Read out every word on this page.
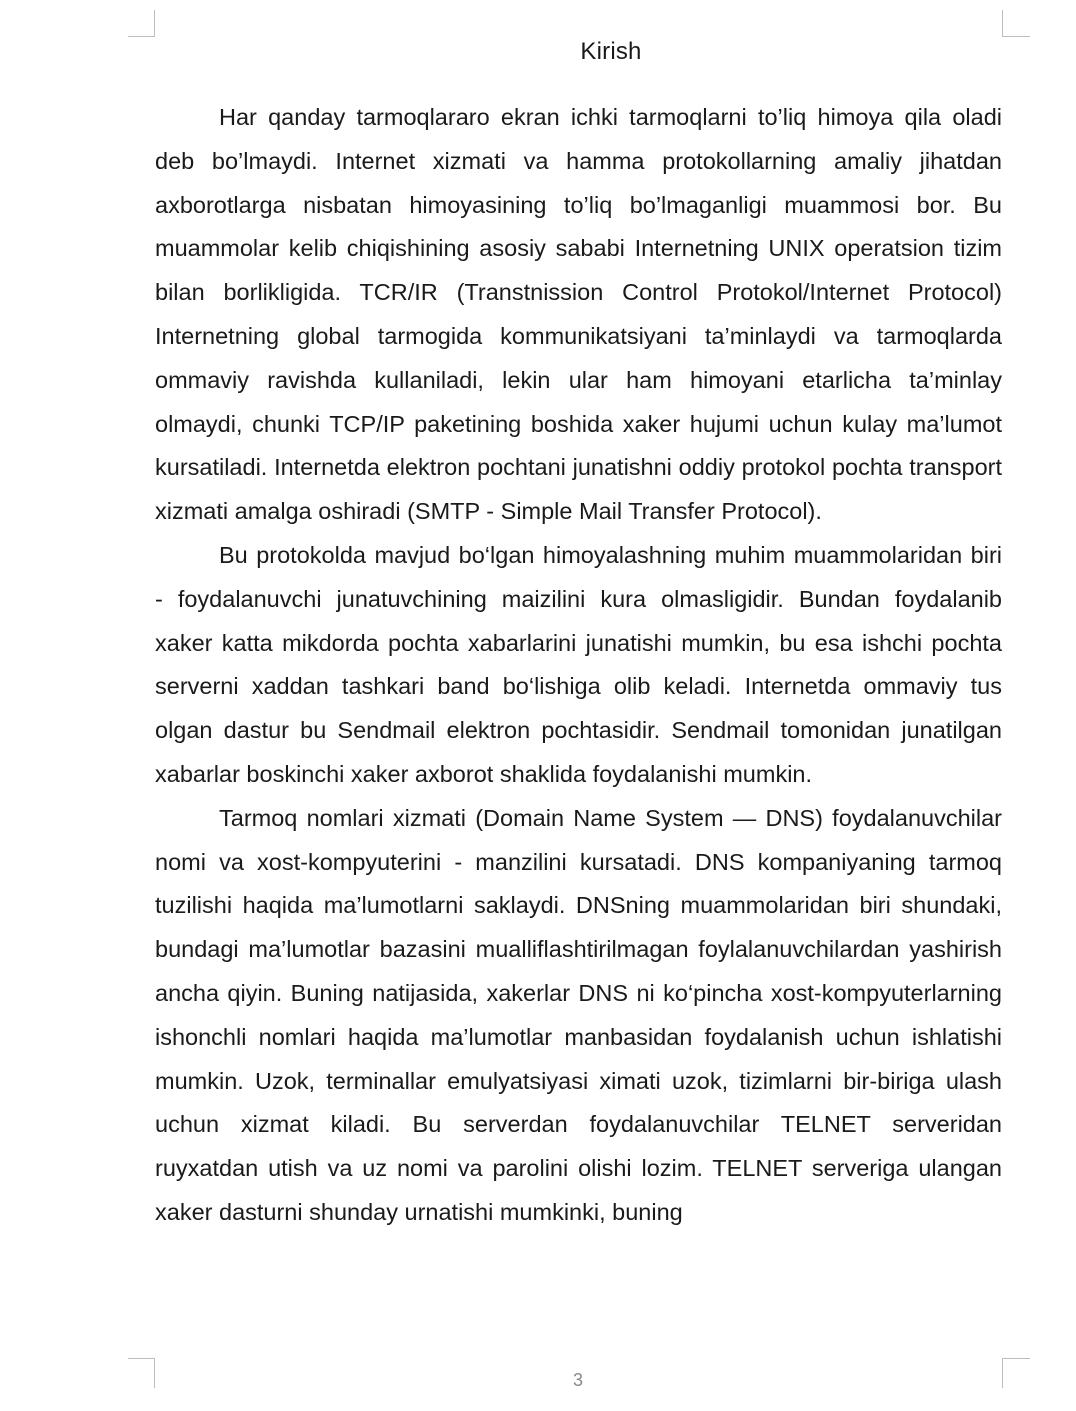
Kirish

Har qanday tarmoqlararo ekran ichki tarmoqlarni to’liq himoya qila oladi deb bo’lmaydi. Internet xizmati va hamma protokollarning amaliy jihatdan axborotlarga nisbatan himoyasining to’liq bo’lmaganligi muammosi bor. Bu muammolar kelib chiqishining asosiy sababi Internetning UNIX operatsion tizim bilan borlikligida. TCR/IR (Transtnission Control Protokol/Internet Protocol) Internetning global tarmogida kommunikatsiyani ta’minlaydi va tarmoqlarda ommaviy ravishda kullaniladi, lekin ular ham himoyani etarlicha ta’minlay olmaydi, chunki TCP/IP paketining boshida xaker hujumi uchun kulay ma’lumot kursatiladi. Internetda elektron pochtani junatishni oddiy protokol pochta transport xizmati amalga oshiradi (SMTP - Simple Mail Transfer Protocol).

Bu protokolda mavjud bo‘lgan himoyalashning muhim muammolaridan biri - foydalanuvchi junatuvchining maizilini kura olmasligidir. Bundan foydalanib xaker katta mikdorda pochta xabarlarini junatishi mumkin, bu esa ishchi pochta serverni xaddan tashkari band bo‘lishiga olib keladi. Internetda ommaviy tus olgan dastur bu Sendmail elektron pochtasidir. Sendmail tomonidan junatilgan xabarlar boskinchi xaker axborot shaklida foydalanishi mumkin.

Tarmoq nomlari xizmati (Domain Name System — DNS) foydalanuvchilar nomi va xost-kompyuterini - manzilini kursatadi. DNS kompaniyaning tarmoq tuzilishi haqida ma’lumotlarni saklaydi. DNSning muammolaridan biri shundaki, bundagi ma’lumotlar bazasini mualliflashtirilmagan foylalanuvchilardan yashirish ancha qiyin. Buning natijasida, xakerlar DNS ni ko‘pincha xost-kompyuterlarning ishonchli nomlari haqida ma’lumotlar manbasidan foydalanish uchun ishlatishi mumkin. Uzok, terminallar emulyatsiyasi ximati uzok, tizimlarni bir-biriga ulash uchun xizmat kiladi. Bu serverdan foydalanuvchilar TELNET serveridan ruyxatdan utish va uz nomi va parolini olishi lozim. TELNET serveriga ulangan xaker dasturni shunday urnatishi mumkinki, buning

3
